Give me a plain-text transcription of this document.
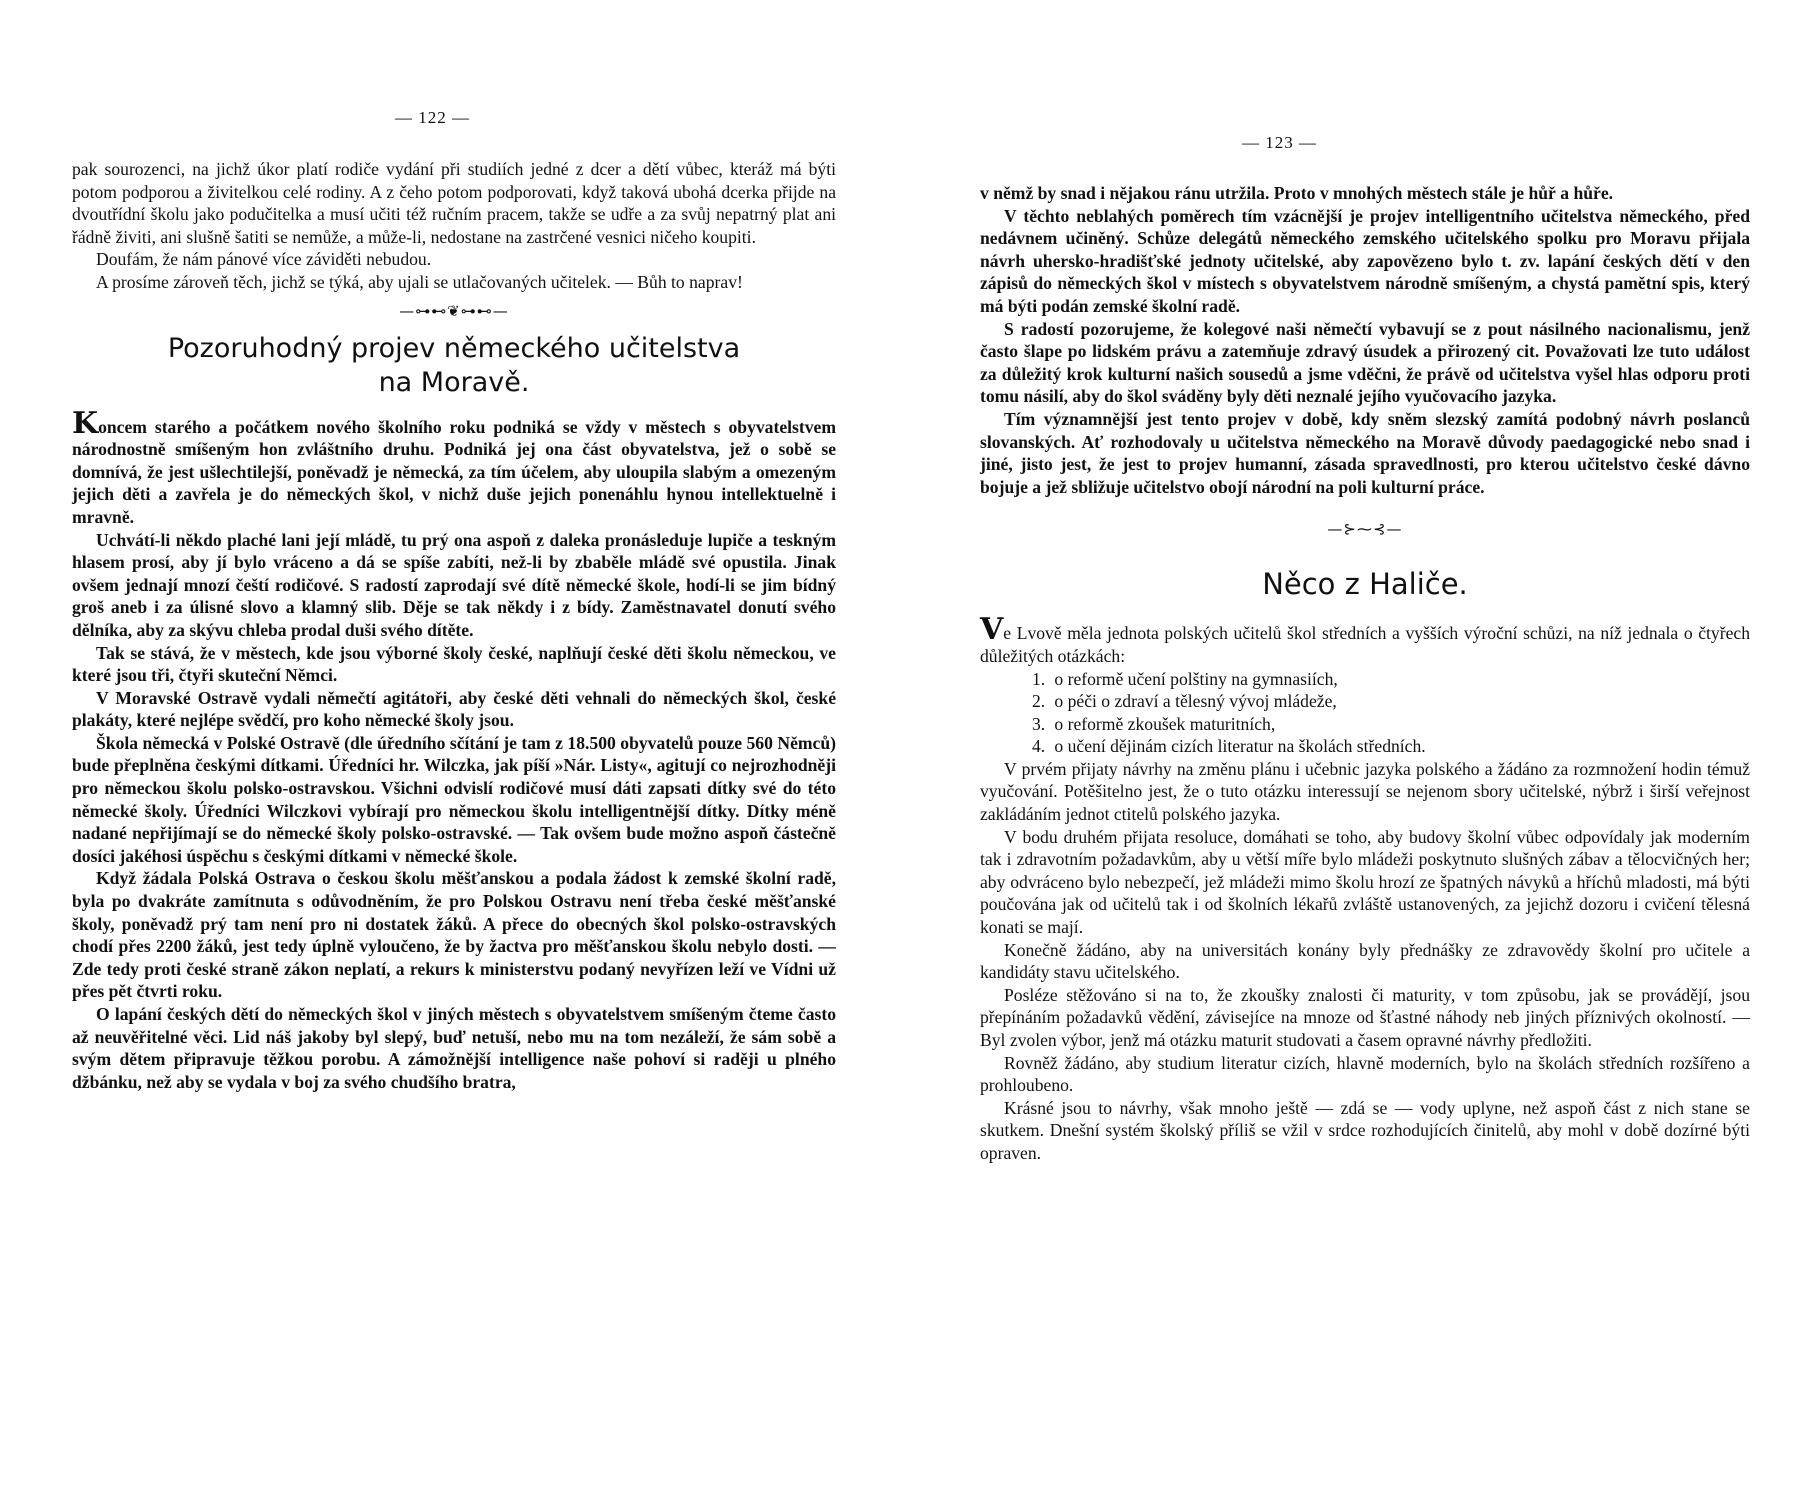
— 122 —

pak sourozenci, na jichž úkor platí rodiče vydání při studiích jedné z dcer a dětí vůbec, kteráž má býti potom podporou a živitelkou celé rodiny. A z čeho potom podporovati, když taková ubohá dcerka přijde na dvoutřídní školu jako podučitelka a musí učiti též ručním pracem, takže se udře a za svůj nepatrný plat ani řádně živiti, ani slušně šatiti se nemůže, a může-li, nedostane na zastrčené vesnici ničeho koupiti.

Doufám, že nám pánové více záviděti nebudou.

A prosíme zároveň těch, jichž se týká, aby ujali se utlačovaných učitelek. — Bůh to naprav!

—⊶⊷❦⊶⊷—
Pozoruhodný projev německého učitelstva
na Moravě.

Koncem starého a počátkem nového školního roku podniká se vždy v městech s obyvatelstvem národnostně smíšeným hon zvláštního druhu. Podniká jej ona část obyvatelstva, jež o sobě se domnívá, že jest ušlechtilejší, poněvadž je německá, za tím účelem, aby uloupila slabým a omezeným jejich děti a zavřela je do německých škol, v nichž duše jejich ponenáhlu hynou intellektuelně i mravně.

Uchvátí-li někdo plaché lani její mládě, tu prý ona aspoň z daleka pronásleduje lupiče a teskným hlasem prosí, aby jí bylo vráceno a dá se spíše zabíti, než-li by zbaběle mládě své opustila. Jinak ovšem jednají mnozí čeští rodičové. S radostí zaprodají své dítě německé škole, hodí-li se jim bídný groš aneb i za úlisné slovo a klamný slib. Děje se tak někdy i z bídy. Zaměstnavatel donutí svého dělníka, aby za skývu chleba prodal duši svého dítěte.

Tak se stává, že v městech, kde jsou výborné školy české, naplňují české děti školu německou, ve které jsou tři, čtyři skuteční Němci.

V Moravské Ostravě vydali němečtí agitátoři, aby české děti vehnali do německých škol, české plakáty, které nejlépe svědčí, pro koho německé školy jsou.

Škola německá v Polské Ostravě (dle úředního sčítání je tam z 18.500 obyvatelů pouze 560 Němců) bude přeplněna českými dítkami. Úředníci hr. Wilczka, jak píší »Nár. Listy«, agitují co nejrozhodněji pro německou školu polsko-ostravskou. Všichni odvislí rodičové musí dáti zapsati dítky své do této německé školy. Úředníci Wilczkovi vybírají pro německou školu intelligentnější dítky. Dítky méně nadané nepřijímají se do německé školy polsko-ostravské. — Tak ovšem bude možno aspoň částečně dosíci jakéhosi úspěchu s českými dítkami v německé škole.

Když žádala Polská Ostrava o českou školu měšťanskou a podala žádost k zemské školní radě, byla po dvakráte zamítnuta s odůvodněním, že pro Polskou Ostravu není třeba české měšťanské školy, poněvadž prý tam není pro ni dostatek žáků. A přece do obecných škol polsko-ostravských chodí přes 2200 žáků, jest tedy úplně vyloučeno, že by žactva pro měšťanskou školu nebylo dosti. — Zde tedy proti české straně zákon neplatí, a rekurs k ministerstvu podaný nevyřízen leží ve Vídni už přes pět čtvrti roku.

O lapání českých dětí do německých škol v jiných městech s obyvatelstvem smíšeným čteme často až neuvěřitelné věci. Lid náš jakoby byl slepý, buď netuší, nebo mu na tom nezáleží, že sám sobě a svým dětem připravuje těžkou porobu. A zámožnější intelligence naše pohoví si raději u plného džbánku, než aby se vydala v boj za svého chudšího bratra,

— 123 —

v němž by snad i nějakou ránu utržila. Proto v mnohých městech stále je hůř a hůře.

V těchto neblahých poměrech tím vzácnější je projev intelligentního učitelstva německého, před nedávnem učiněný. Schůze delegátů německého zemského učitelského spolku pro Moravu přijala návrh uhersko-hradišťské jednoty učitelské, aby zapovězeno bylo t. zv. lapání českých dětí v den zápisů do německých škol v místech s obyvatelstvem národně smíšeným, a chystá pamětní spis, který má býti podán zemské školní radě.

S radostí pozorujeme, že kolegové naši němečtí vybavují se z pout násilného nacionalismu, jenž často šlape po lidském právu a zatemňuje zdravý úsudek a přirozený cit. Považovati lze tuto událost za důležitý krok kulturní našich sousedů a jsme vděčni, že právě od učitelstva vyšel hlas odporu proti tomu násilí, aby do škol sváděny byly děti neznalé jejího vyučovacího jazyka.

Tím významnější jest tento projev v době, kdy sněm slezský zamítá podobný návrh poslanců slovanských. Ať rozhodovaly u učitelstva německého na Moravě důvody paedagogické nebo snad i jiné, jisto jest, že jest to projev humanní, zásada spravedlnosti, pro kterou učitelstvo české dávno bojuje a jež sbližuje učitelstvo obojí národní na poli kulturní práce.

—⊱⁓⊰—
Něco z Haliče.

Ve Lvově měla jednota polských učitelů škol středních a vyšších výroční schůzi, na níž jednala o čtyřech důležitých otázkách:

1. o reformě učení polštiny na gymnasiích,
2. o péči o zdraví a tělesný vývoj mládeže,
3. o reformě zkoušek maturitních,
4. o učení dějinám cizích literatur na školách středních.

V prvém přijaty návrhy na změnu plánu i učebnic jazyka polského a žádáno za rozmnožení hodin témuž vyučování. Potěšitelno jest, že o tuto otázku interessují se nejenom sbory učitelské, nýbrž i širší veřejnost zakládáním jednot ctitelů polského jazyka.

V bodu druhém přijata resoluce, domáhati se toho, aby budovy školní vůbec odpovídaly jak moderním tak i zdravotním požadavkům, aby u větší míře bylo mládeži poskytnuto slušných zábav a tělocvičných her; aby odvráceno bylo nebezpečí, jež mládeži mimo školu hrozí ze špatných návyků a hříchů mladosti, má býti poučována jak od učitelů tak i od školních lékařů zvláště ustanovených, za jejichž dozoru i cvičení tělesná konati se mají.

Konečně žádáno, aby na universitách konány byly přednášky ze zdravovědy školní pro učitele a kandidáty stavu učitelského.

Posléze stěžováno si na to, že zkoušky znalosti či maturity, v tom způsobu, jak se provádějí, jsou přepínáním požadavků vědění, závisejíce na mnoze od šťastné náhody neb jiných příznivých okolností. — Byl zvolen výbor, jenž má otázku maturit studovati a časem opravné návrhy předložiti.

Rovněž žádáno, aby studium literatur cizích, hlavně moderních, bylo na školách středních rozšířeno a prohloubeno.

Krásné jsou to návrhy, však mnoho ještě — zdá se — vody uplyne, než aspoň část z nich stane se skutkem. Dnešní systém školský příliš se vžil v srdce rozhodujících činitelů, aby mohl v době dozírné býti opraven.
